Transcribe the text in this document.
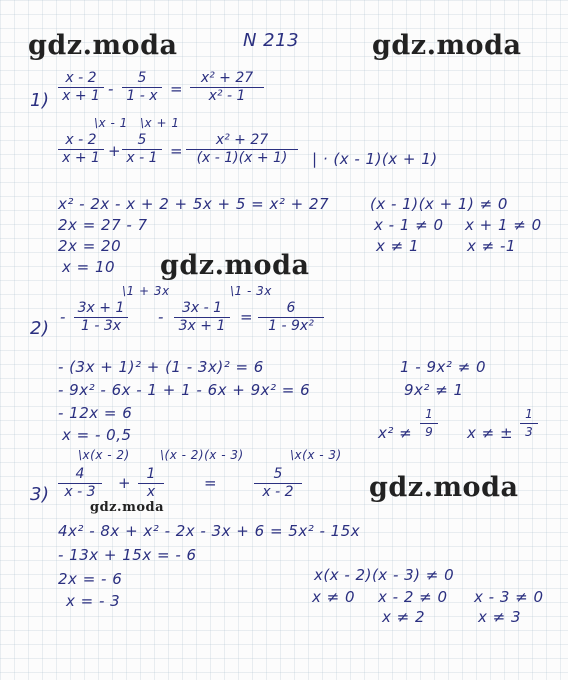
gdz.moda	gdz.moda
gdz.moda
gdz.moda
gdz.moda
N 213
$1) \frac{x - 2}{x + 1} - \frac{5}{1 - x} = \frac{\text{x² + 27}}{\text{x² - 1}}$
\x - 1 \x + 1
$\frac{x - 2}{x + 1} + \frac{5}{x - 1} = \frac{\text{x² + 27}}{(x - 1)(x + 1)}$ | · (x - 1)(x + 1)
x² - 2x - x + 2 + 5x + 5 = x² + 27
2x = 27 - 7
2x = 20
x = 10
(x - 1)(x + 1) ≠ 0
x - 1 ≠ 0 x + 1 ≠ 0
x ≠ 1	x ≠ -1
2)
-
\1 + 3x	\1 - 3x
$\frac{3x + 1}{1 - 3x} - \frac{3x - 1}{3x + 1} = \frac{6}{\text{1 - 9x²}}$
- (3x + 1)² + (1 - 3x)² = 6
- 9x² - 6x - 1 + 1 - 6x + 9x² = 6
- 12x = 6
x = - 0,5
1 - 9x² ≠ 0
9x² ≠ 1
$x^2 \ne \frac{1}{9}$ x ≠ ± $\frac{1}{3}$
3)
\x(x - 2)	\(x - 2)(x - 3)	\x(x - 3)
$\frac{4}{x - 3} + \frac{1}{x}$	=	$\frac{5}{x - 2}$
4x² - 8x + x² - 2x - 3x + 6 = 5x² - 15x
- 13x + 15x = - 6
2x = - 6
x = - 3
x(x - 2)(x - 3) ≠ 0
x ≠ 0 x - 2 ≠ 0 x - 3 ≠ 0
x ≠ 2	x ≠ 3
